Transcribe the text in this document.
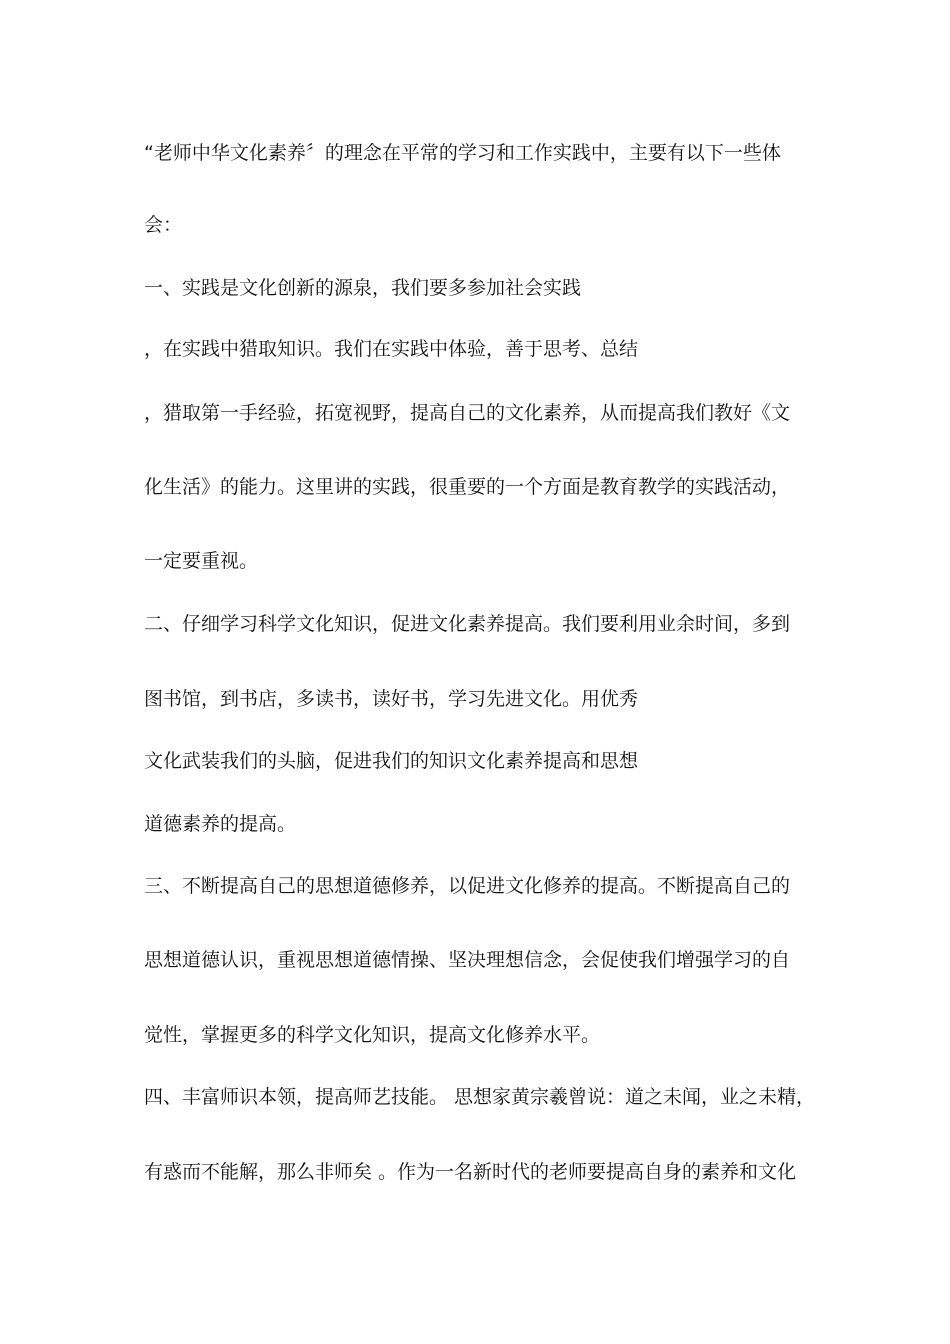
“老师中华文化素养〞的理念在平常的学习和工作实践中，主要有以下一些体
会：
一、实践是文化创新的源泉，我们要多参加社会实践
，在实践中猎取知识。我们在实践中体验，善于思考、总结
，猎取第一手经验，拓宽视野，提高自己的文化素养，从而提高我们教好《文
化生活》的能力。这里讲的实践，很重要的一个方面是教育教学的实践活动，
一定要重视。
二、仔细学习科学文化知识，促进文化素养提高。我们要利用业余时间，多到
图书馆，到书店，多读书，读好书，学习先进文化。用优秀
文化武装我们的头脑，促进我们的知识文化素养提高和思想
道德素养的提高。
三、不断提高自己的思想道德修养，以促进文化修养的提高。不断提高自己的
思想道德认识，重视思想道德情操、坚决理想信念，会促使我们增强学习的自
觉性，掌握更多的科学文化知识，提高文化修养水平。
四、丰富师识本领，提高师艺技能。 思想家黄宗羲曾说：道之未闻，业之未精，
有惑而不能解，那么非师矣 。作为一名新时代的老师要提高自身的素养和文化
